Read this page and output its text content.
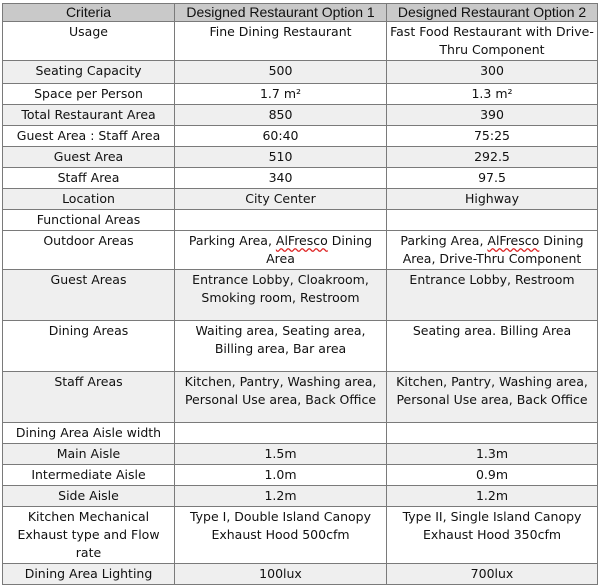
Criteria	Designed Restaurant Option 1	Designed Restaurant Option 2
Usage	Fine Dining Restaurant	Fast Food Restaurant with Drive-Thru Component
Seating Capacity	500	300
Space per Person	1.7 m²	1.3 m²
Total Restaurant Area	850	390
Guest Area : Staff Area	60:40	75:25
Guest Area	510	292.5
Staff Area	340	97.5
Location	City Center	Highway
Functional Areas		
Outdoor Areas	Parking Area, AlFresco Dining Area	Parking Area, AlFresco Dining Area, Drive-Thru Component
Guest Areas	Entrance Lobby, Cloakroom, Smoking room, Restroom	Entrance Lobby, Restroom
Dining Areas	Waiting area, Seating area, Billing area, Bar area	Seating area. Billing Area
Staff Areas	Kitchen, Pantry, Washing area, Personal Use area, Back Office	Kitchen, Pantry, Washing area, Personal Use area, Back Office
Dining Area Aisle width		
Main Aisle	1.5m	1.3m
Intermediate Aisle	1.0m	0.9m
Side Aisle	1.2m	1.2m
Kitchen Mechanical Exhaust type and Flow rate	Type I, Double Island Canopy Exhaust Hood 500cfm	Type II, Single Island Canopy Exhaust Hood 350cfm
Dining Area Lighting	100lux	700lux
